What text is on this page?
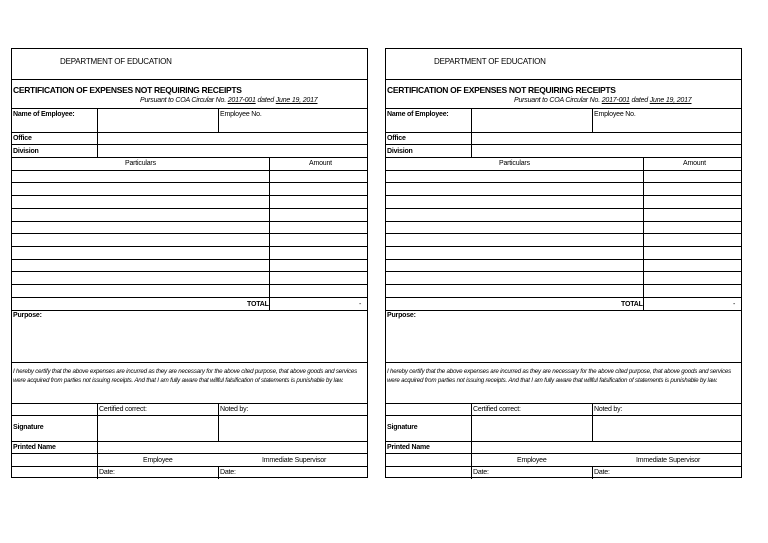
DEPARTMENT OF EDUCATION
CERTIFICATION OF EXPENSES NOT REQUIRING RECEIPTS
Pursuant to COA Circular No. 2017-001 dated June 19, 2017
Name of Employee:	Employee No.
Office
Division
Particulars	Amount
TOTAL	-
Purpose:
I hereby certify that the above expenses are incurred as they are necessary for the above cited purpose, that above goods and services were acquired from parties not issuing receipts. And that I am fully aware that willful falsification of statements is punishable by law.
Certified correct:	Noted by:
Signature
Printed Name
Employee	Immediate Supervisor
Date:	Date:
DEPARTMENT OF EDUCATION
CERTIFICATION OF EXPENSES NOT REQUIRING RECEIPTS
Pursuant to COA Circular No. 2017-001 dated June 19, 2017
Name of Employee:	Employee No.
Office
Division
Particulars	Amount
TOTAL	-
Purpose:
I hereby certify that the above expenses are incurred as they are necessary for the above cited purpose, that above goods and services were acquired from parties not issuing receipts. And that I am fully aware that willful falsification of statements is punishable by law.
Certified correct:	Noted by:
Signature
Printed Name
Employee	Immediate Supervisor
Date:	Date:
